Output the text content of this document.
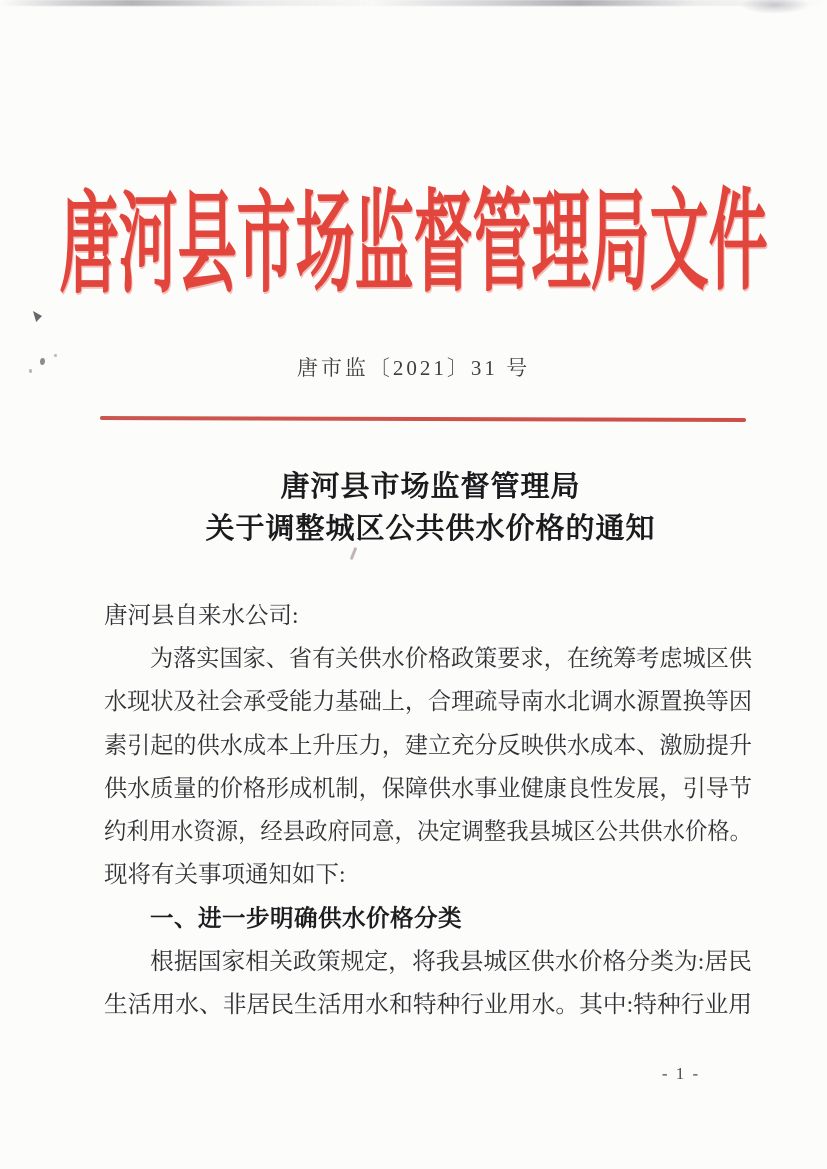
唐河县市场监督管理局文件
唐市监〔2021〕31 号
唐河县市场监督管理局
关于调整城区公共供水价格的通知
唐河县自来水公司:
为落实国家、省有关供水价格政策要求，在统筹考虑城区供
水现状及社会承受能力基础上，合理疏导南水北调水源置换等因
素引起的供水成本上升压力，建立充分反映供水成本、激励提升
供水质量的价格形成机制，保障供水事业健康良性发展，引导节
约利用水资源，经县政府同意，决定调整我县城区公共供水价格。
现将有关事项通知如下:
一、进一步明确供水价格分类
根据国家相关政策规定，将我县城区供水价格分类为:居民
生活用水、非居民生活用水和特种行业用水。其中:特种行业用
- 1 -
